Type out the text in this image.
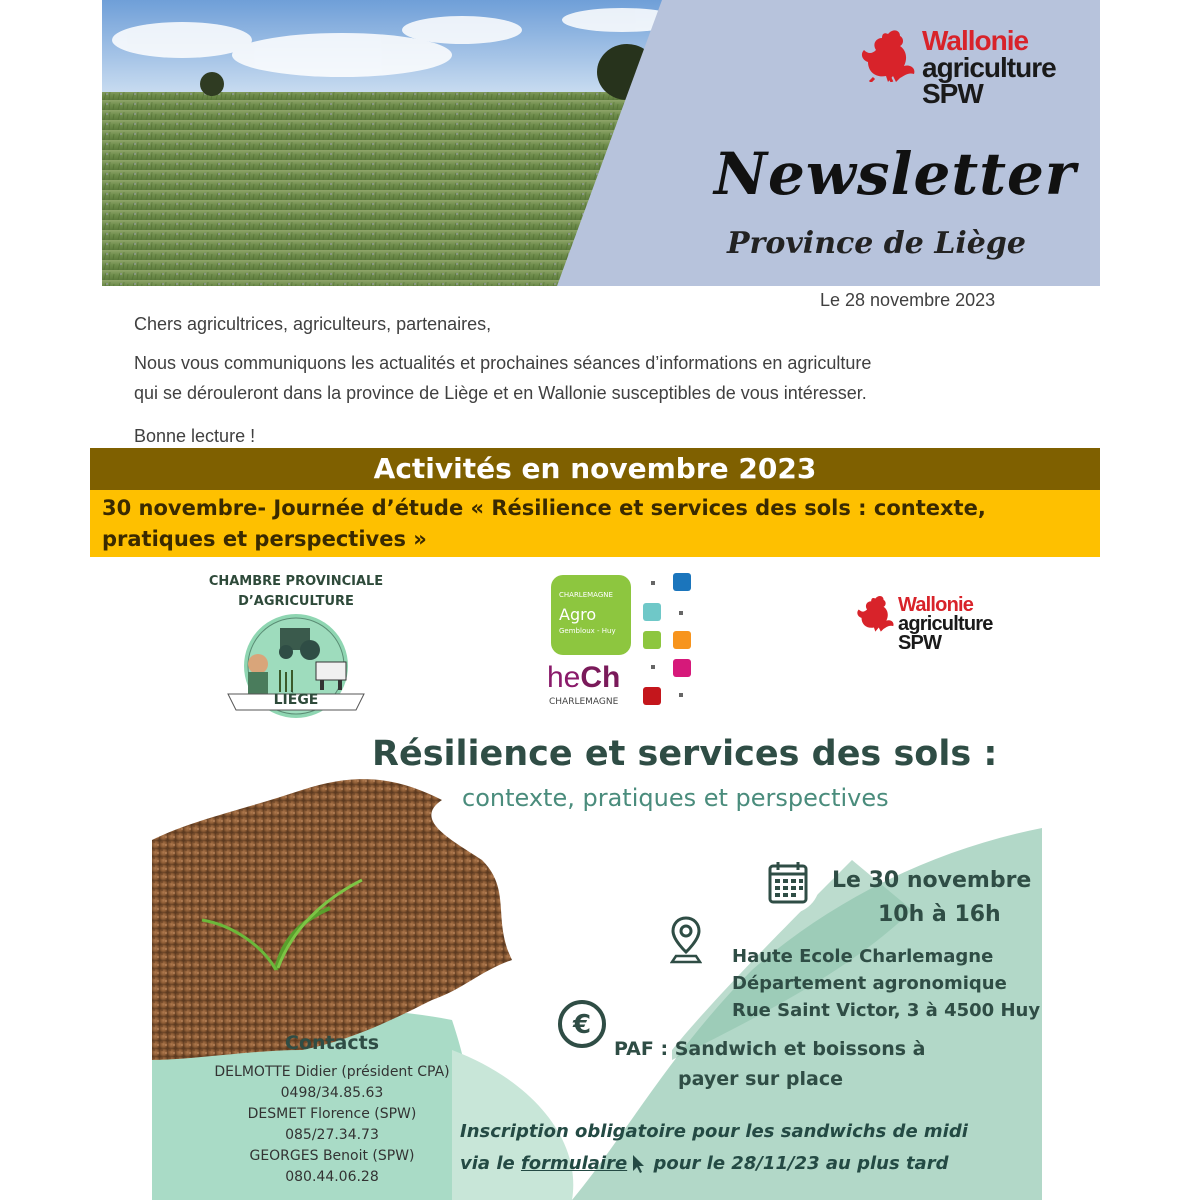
Wallonie
agriculture
SPW
Newsletter
Province de Liège
Le 28 novembre 2023
Chers agricultrices, agriculteurs, partenaires,
Nous vous communiquons les actualités et prochaines séances d’informations en agriculture
qui se dérouleront dans la province de Liège et en Wallonie susceptibles de vous intéresser.
Bonne lecture !
Activités en novembre 2023
30 novembre- Journée d’étude « Résilience et services des sols : contexte,
pratiques et perspectives »
CHAMBRE PROVINCIALE
D’AGRICULTURE
LIÈGE
CHARLEMAGNE
Agro
Gembloux - Huy
heCh
CHARLEMAGNE
Wallonie
agriculture
SPW
Résilience et services des sols :
contexte, pratiques et perspectives
Le 30 novembre
10h à 16h
Haute Ecole Charlemagne
Département agronomique
Rue Saint Victor, 3 à 4500 Huy
€
PAF : Sandwich et boissons à
payer sur place
Contacts
DELMOTTE Didier (président CPA)
0498/34.85.63
DESMET Florence (SPW)
085/27.34.73
GEORGES Benoit (SPW)
080.44.06.28
Inscription obligatoire pour les sandwichs de midi
via le formulaire pour le 28/11/23 au plus tard
